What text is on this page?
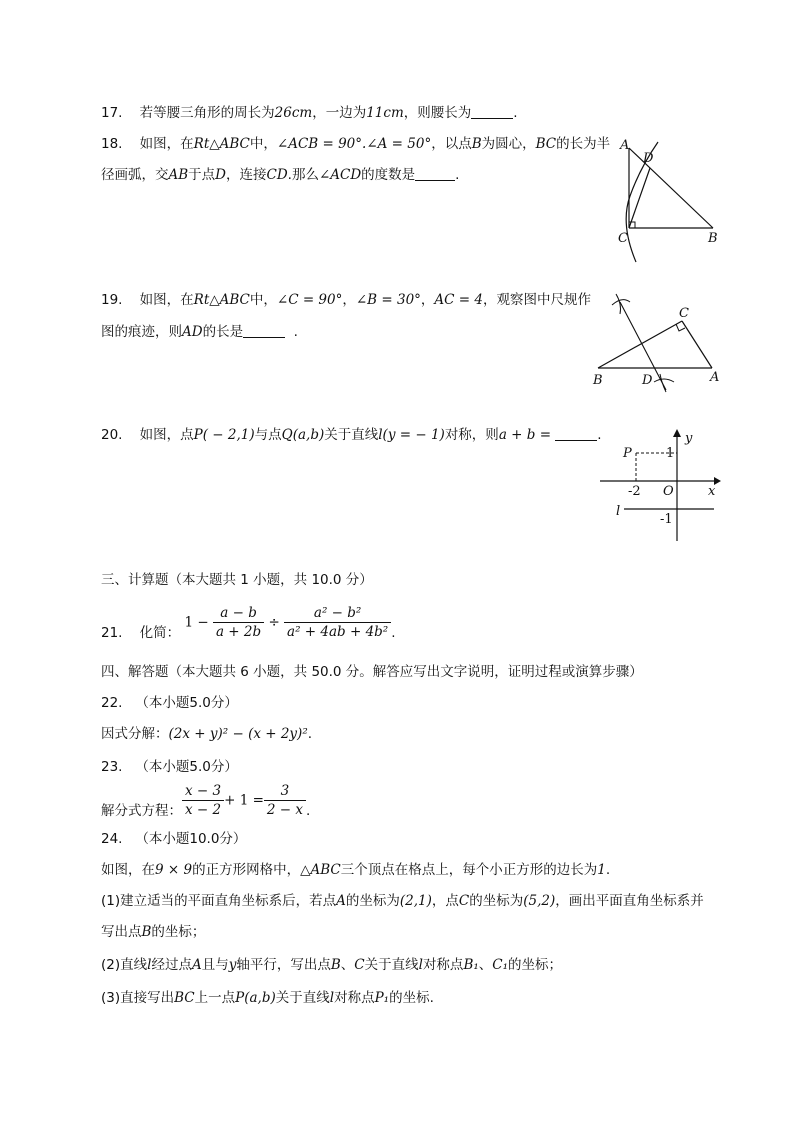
17. 若等腰三角形的周长为26cm，一边为11cm，则腰长为	.
18. 如图，在Rt△ABC中，∠ACB = 90°.∠A = 50°，以点B为圆心，BC的长为半
径画弧，交AB于点D，连接CD.那么∠ACD的度数是	.
A
D
C	B
19. 如图，在Rt△ABC中，∠C = 90°，∠B = 30°，AC = 4，观察图中尺规作
图的痕迹，则AD的长是	.
B	D
C
A
20. 如图，点P( − 2,1)与点Q(a,b)关于直线l(y = − 1)对称，则a + b =	.
P
y
1
-2 O	x
l
-1
三、计算题（本大题共 1 小题，共 10.0 分）
21. 化简： $1 - \frac{a - b}{a + 2b} \div \frac{\text{a² − b²}}{\text{a² + 4ab + 4b²}}$ .
四、解答题（本大题共 6 小题，共 50.0 分。解答应写出文字说明，证明过程或演算步骤）
22. （本小题5.0分）
因式分解：(2x + y)² − (x + 2y)².
23. （本小题5.0分）
解分式方程： $\frac{x - 3}{x - 2} + 1 = \frac{3}{2 - x}$ .
24. （本小题10.0分）
如图，在9 × 9的正方形网格中，△ABC三个顶点在格点上，每个小正方形的边长为1.
(1)建立适当的平面直角坐标系后，若点A的坐标为(2,1)，点C的坐标为(5,2)，画出平面直角坐标系并
写出点B的坐标；
(2)直线l经过点A且与y轴平行，写出点B、C关于直线l对称点B₁、C₁的坐标；
(3)直接写出BC上一点P(a,b)关于直线l对称点P₁的坐标.
